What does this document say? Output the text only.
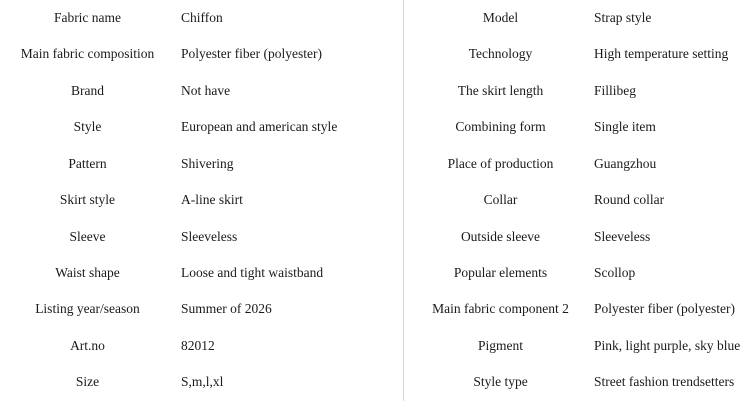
Fabric name	Chiffon		Model	Strap style
Main fabric composition	Polyester fiber (polyester)		Technology	High temperature setting
Brand	Not have		The skirt length	Fillibeg
Style	European and american style		Combining form	Single item
Pattern	Shivering		Place of production	Guangzhou
Skirt style	A-line skirt		Collar	Round collar
Sleeve	Sleeveless		Outside sleeve	Sleeveless
Waist shape	Loose and tight waistband		Popular elements	Scollop
Listing year/season	Summer of 2026		Main fabric component 2	Polyester fiber (polyester)
Art.no	82012		Pigment	Pink, light purple, sky blue
Size	S,m,l,xl		Style type	Street fashion trendsetters
